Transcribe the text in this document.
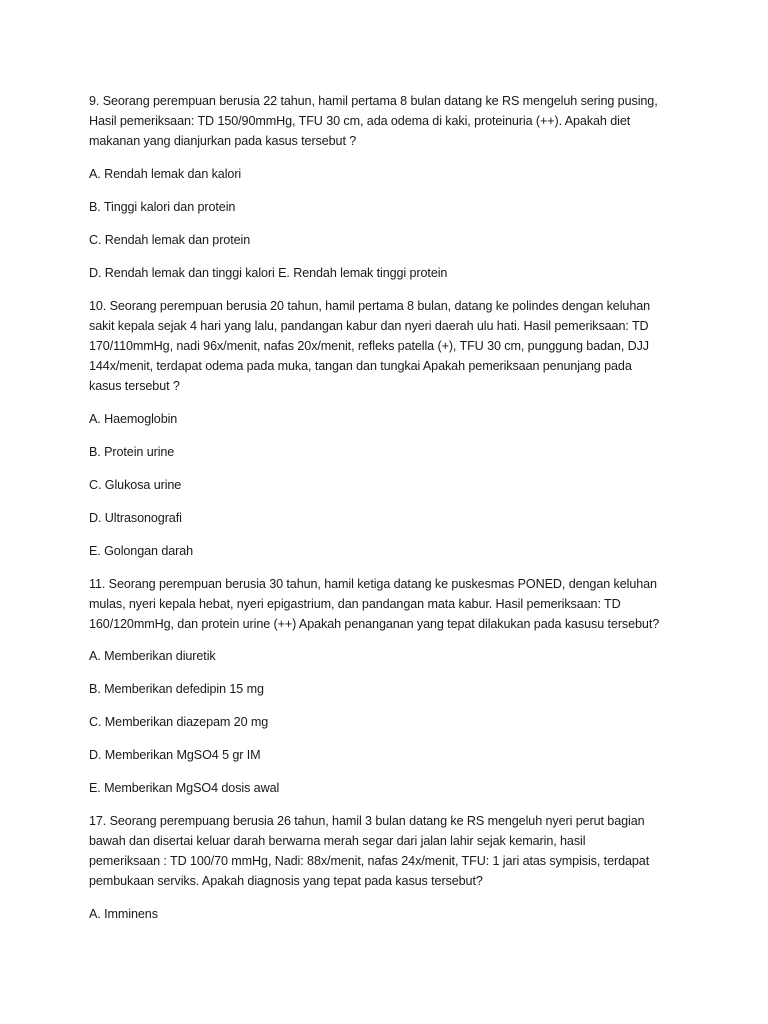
9. Seorang perempuan berusia 22 tahun, hamil pertama 8 bulan datang ke RS mengeluh sering pusing,
Hasil pemeriksaan: TD 150/90mmHg, TFU 30 cm, ada odema di kaki, proteinuria (++). Apakah diet
makanan yang dianjurkan pada kasus tersebut ?
A. Rendah lemak dan kalori
B. Tinggi kalori dan protein
C. Rendah lemak dan protein
D. Rendah lemak dan tinggi kalori E. Rendah lemak tinggi protein
10. Seorang perempuan berusia 20 tahun, hamil pertama 8 bulan, datang ke polindes dengan keluhan
sakit kepala sejak 4 hari yang lalu, pandangan kabur dan nyeri daerah ulu hati. Hasil pemeriksaan: TD
170/110mmHg, nadi 96x/menit, nafas 20x/menit, refleks patella (+), TFU 30 cm, punggung badan, DJJ
144x/menit, terdapat odema pada muka, tangan dan tungkai Apakah pemeriksaan penunjang pada
kasus tersebut ?
A. Haemoglobin
B. Protein urine
C. Glukosa urine
D. Ultrasonografi
E. Golongan darah
11. Seorang perempuan berusia 30 tahun, hamil ketiga datang ke puskesmas PONED, dengan keluhan
mulas, nyeri kepala hebat, nyeri epigastrium, dan pandangan mata kabur. Hasil pemeriksaan: TD
160/120mmHg, dan protein urine (++) Apakah penanganan yang tepat dilakukan pada kasusu tersebut?
A. Memberikan diuretik
B. Memberikan defedipin 15 mg
C. Memberikan diazepam 20 mg
D. Memberikan MgSO4 5 gr IM
E. Memberikan MgSO4 dosis awal
17. Seorang perempuang berusia 26 tahun, hamil 3 bulan datang ke RS mengeluh nyeri perut bagian
bawah dan disertai keluar darah berwarna merah segar dari jalan lahir sejak kemarin, hasil
pemeriksaan : TD 100/70 mmHg, Nadi: 88x/menit, nafas 24x/menit, TFU: 1 jari atas sympisis, terdapat
pembukaan serviks. Apakah diagnosis yang tepat pada kasus tersebut?
A. Imminens
